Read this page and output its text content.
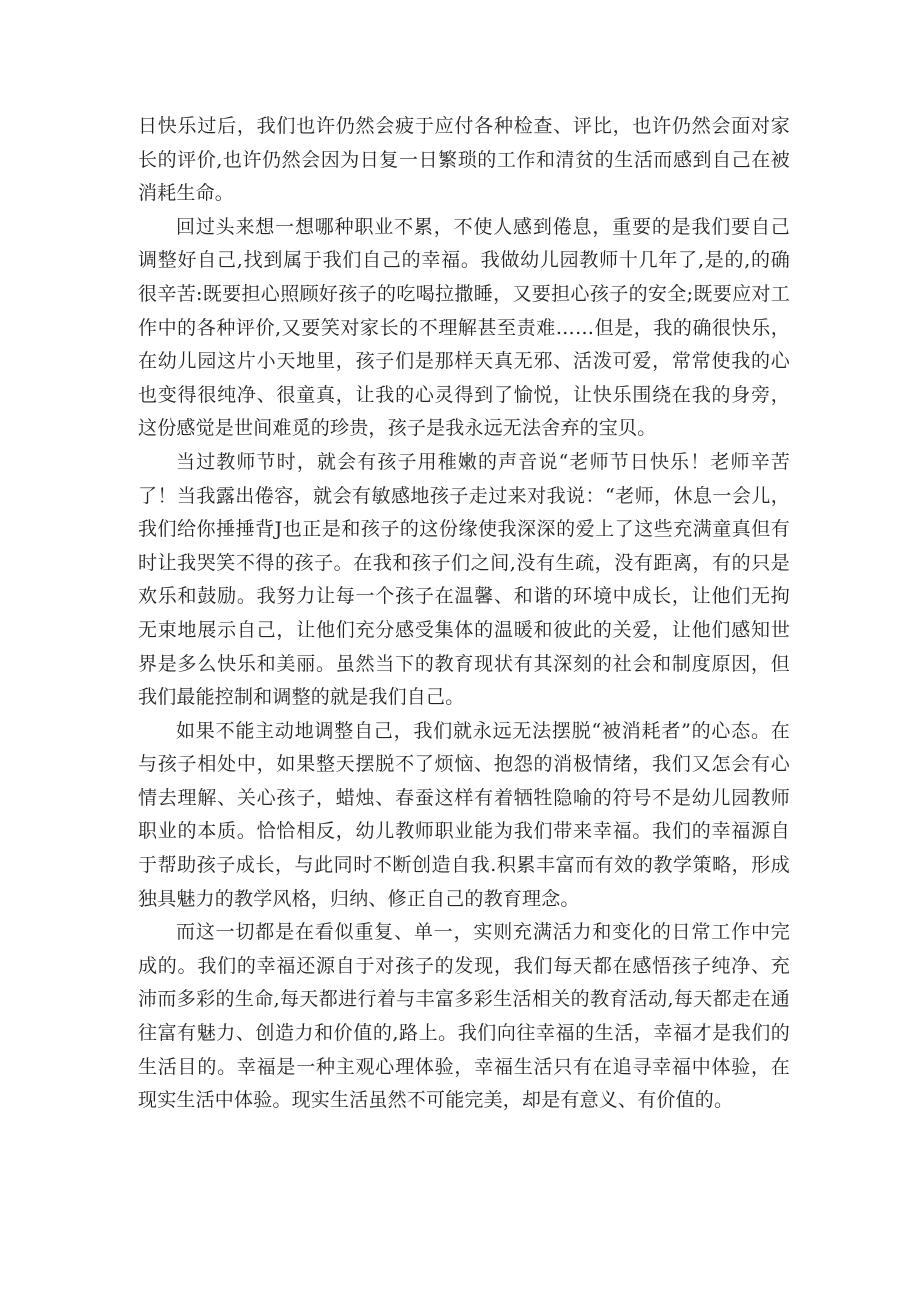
日快乐过后，我们也许仍然会疲于应付各种检查、评比，也许仍然会面对家长的评价,也许仍然会因为日复一日繁琐的工作和清贫的生活而感到自己在被消耗生命。

回过头来想一想哪种职业不累，不使人感到倦息，重要的是我们要自己调整好自己,找到属于我们自己的幸福。我做幼儿园教师十几年了,是的,的确很辛苦:既要担心照顾好孩子的吃喝拉撒睡，又要担心孩子的安全;既要应对工作中的各种评价,又要笑对家长的不理解甚至责难……但是，我的确很快乐，在幼儿园这片小天地里，孩子们是那样天真无邪、活泼可爱，常常使我的心也变得很纯净、很童真，让我的心灵得到了愉悦，让快乐围绕在我的身旁，这份感觉是世间难觅的珍贵，孩子是我永远无法舍弃的宝贝。

当过教师节时，就会有孩子用稚嫩的声音说“老师节日快乐！老师辛苦了！当我露出倦容，就会有敏感地孩子走过来对我说：“老师，休息一会儿，我们给你捶捶背J也正是和孩子的这份缘使我深深的爱上了这些充满童真但有时让我哭笑不得的孩子。在我和孩子们之间,没有生疏，没有距离，有的只是欢乐和鼓励。我努力让每一个孩子在温馨、和谐的环境中成长，让他们无拘无束地展示自己，让他们充分感受集体的温暖和彼此的关爱，让他们感知世界是多么快乐和美丽。虽然当下的教育现状有其深刻的社会和制度原因，但我们最能控制和调整的就是我们自己。

如果不能主动地调整自己，我们就永远无法摆脱“被消耗者”的心态。在与孩子相处中，如果整天摆脱不了烦恼、抱怨的消极情绪，我们又怎会有心情去理解、关心孩子，蜡烛、春蚕这样有着牺牲隐喻的符号不是幼儿园教师职业的本质。恰恰相反，幼儿教师职业能为我们带来幸福。我们的幸福源自于帮助孩子成长，与此同时不断创造自我.积累丰富而有效的教学策略，形成独具魅力的教学风格，归纳、修正自己的教育理念。

而这一切都是在看似重复、单一，实则充满活力和变化的日常工作中完成的。我们的幸福还源自于对孩子的发现，我们每天都在感悟孩子纯净、充沛而多彩的生命,每天都进行着与丰富多彩生活相关的教育活动,每天都走在通往富有魅力、创造力和价值的,路上。我们向往幸福的生活，幸福才是我们的生活目的。幸福是一种主观心理体验，幸福生活只有在追寻幸福中体验，在现实生活中体验。现实生活虽然不可能完美，却是有意义、有价值的。
